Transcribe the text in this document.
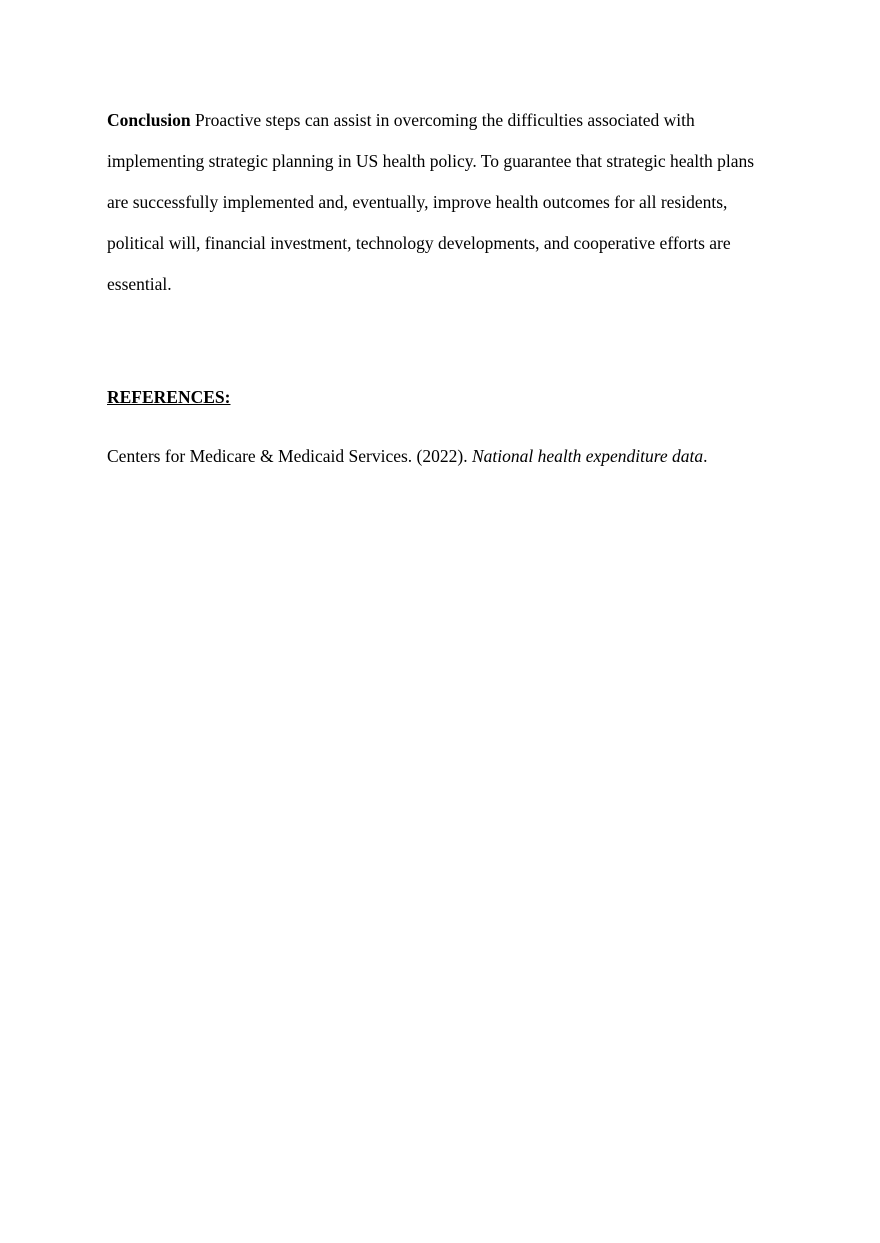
Conclusion Proactive steps can assist in overcoming the difficulties associated with
implementing strategic planning in US health policy. To guarantee that strategic health plans
are successfully implemented and, eventually, improve health outcomes for all residents,
political will, financial investment, technology developments, and cooperative efforts are
essential.

REFERENCES:

Centers for Medicare & Medicaid Services. (2022). National health expenditure data.
